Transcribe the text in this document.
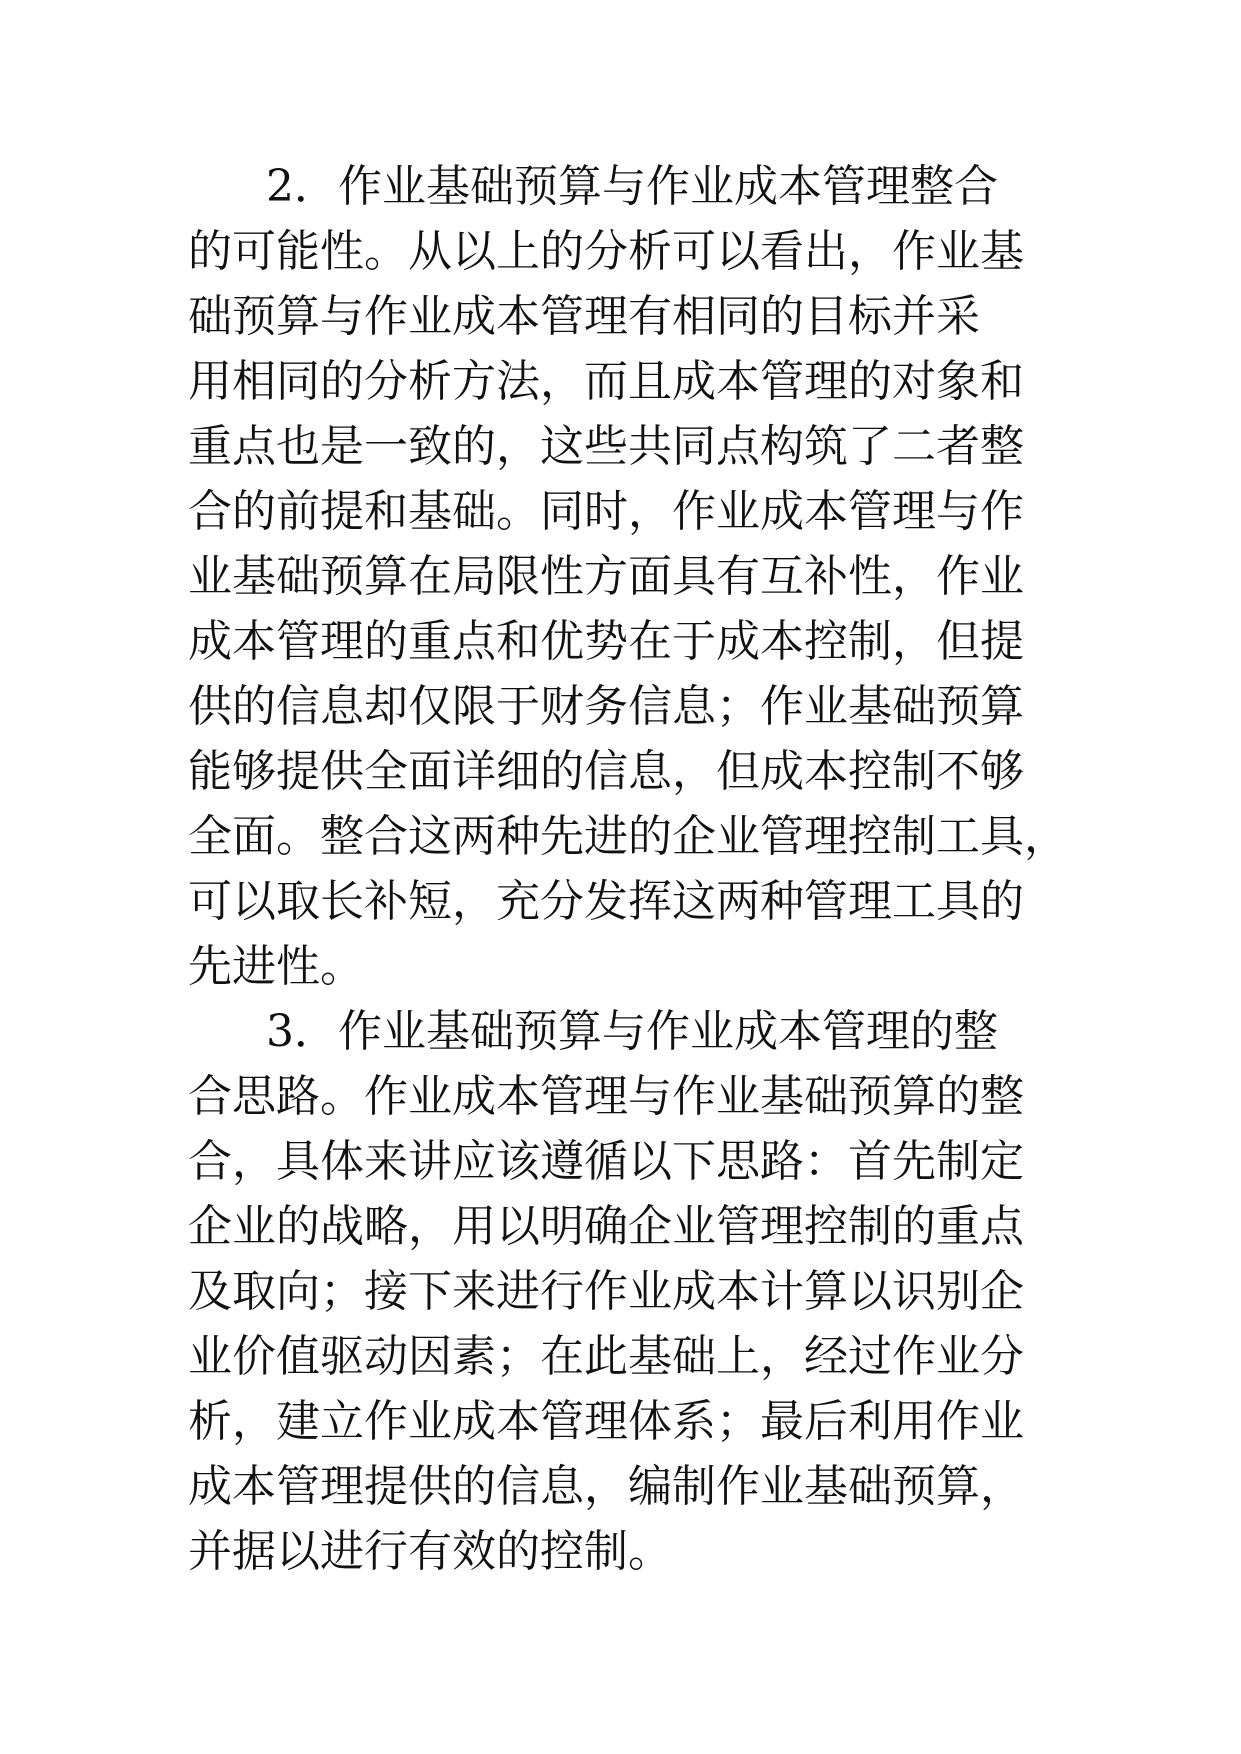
2．作业基础预算与作业成本管理整合
的可能性。从以上的分析可以看出，作业基
础预算与作业成本管理有相同的目标并采
用相同的分析方法，而且成本管理的对象和
重点也是一致的，这些共同点构筑了二者整
合的前提和基础。同时，作业成本管理与作
业基础预算在局限性方面具有互补性，作业
成本管理的重点和优势在于成本控制，但提
供的信息却仅限于财务信息；作业基础预算
能够提供全面详细的信息，但成本控制不够
全面。整合这两种先进的企业管理控制工具，
可以取长补短，充分发挥这两种管理工具的
先进性。
3．作业基础预算与作业成本管理的整
合思路。作业成本管理与作业基础预算的整
合，具体来讲应该遵循以下思路：首先制定
企业的战略，用以明确企业管理控制的重点
及取向；接下来进行作业成本计算以识别企
业价值驱动因素；在此基础上，经过作业分
析，建立作业成本管理体系；最后利用作业
成本管理提供的信息，编制作业基础预算，
并据以进行有效的控制。
